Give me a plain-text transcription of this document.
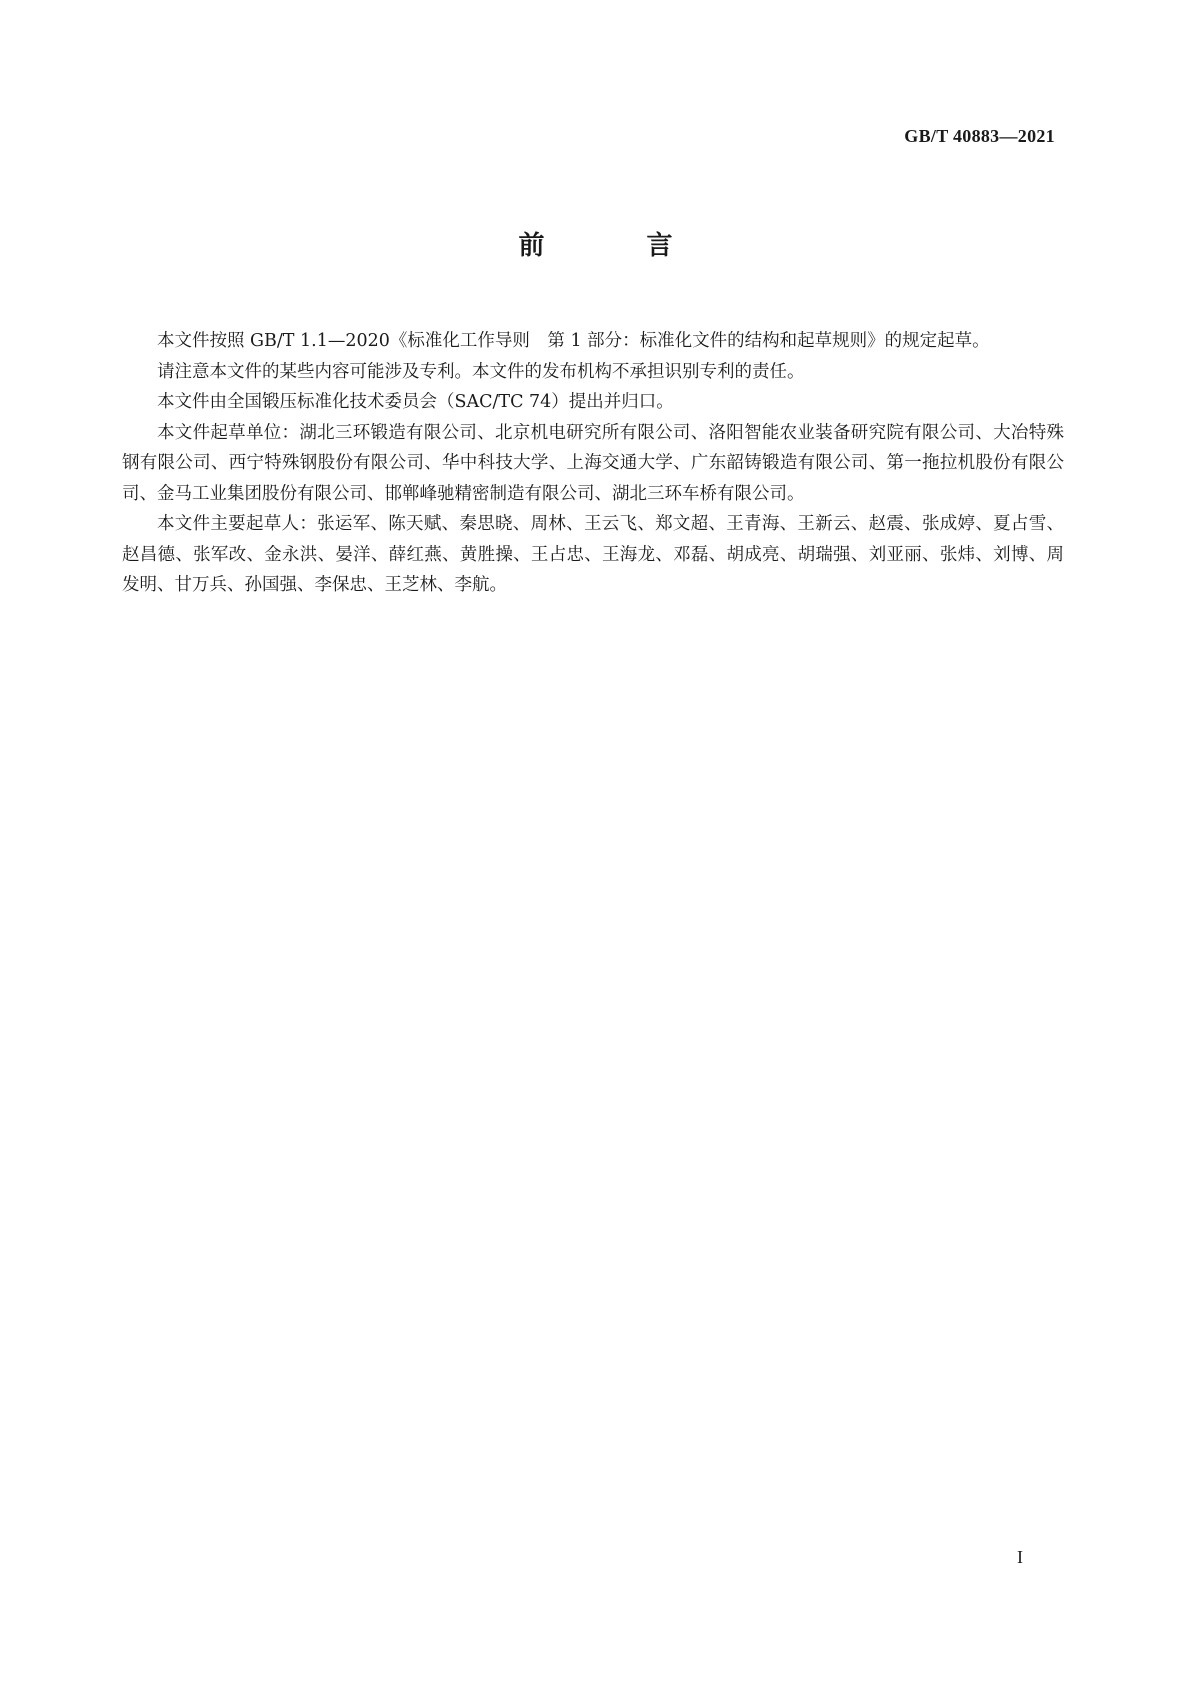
GB/T 40883—2021
前　言

本文件按照 GB/T 1.1—2020《标准化工作导则　第 1 部分：标准化文件的结构和起草规则》的规定起草。

请注意本文件的某些内容可能涉及专利。本文件的发布机构不承担识别专利的责任。

本文件由全国锻压标准化技术委员会（SAC/TC 74）提出并归口。

本文件起草单位：湖北三环锻造有限公司、北京机电研究所有限公司、洛阳智能农业装备研究院有限公司、大冶特殊钢有限公司、西宁特殊钢股份有限公司、华中科技大学、上海交通大学、广东韶铸锻造有限公司、第一拖拉机股份有限公司、金马工业集团股份有限公司、邯郸峰驰精密制造有限公司、湖北三环车桥有限公司。

本文件主要起草人：张运军、陈天赋、秦思晓、周林、王云飞、郑文超、王青海、王新云、赵震、张成婷、夏占雪、赵昌德、张军改、金永洪、晏洋、薛红燕、黄胜操、王占忠、王海龙、邓磊、胡成亮、胡瑞强、刘亚丽、张炜、刘博、周发明、甘万兵、孙国强、李保忠、王芝林、李航。

I
